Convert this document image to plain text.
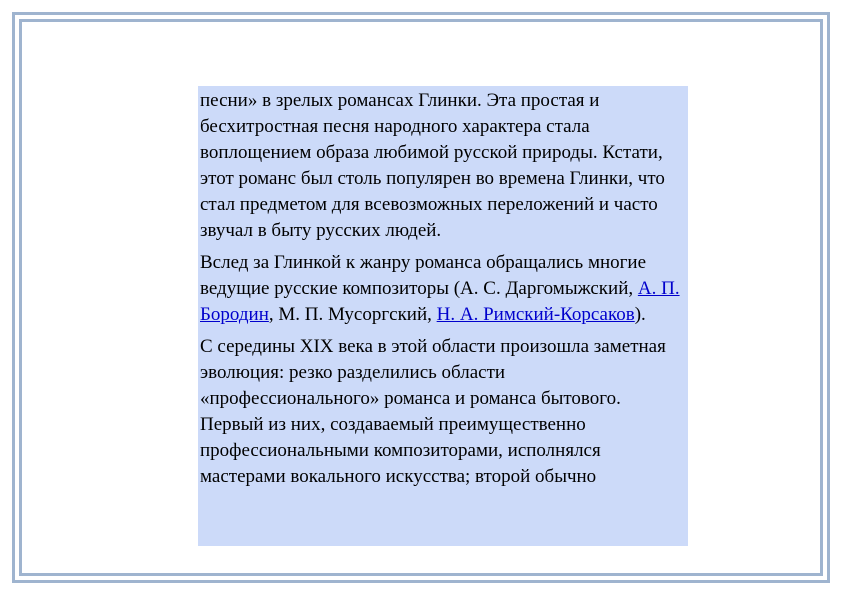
песни» в зрелых романсах Глинки. Эта простая и бесхитростная песня народного характера стала воплощением образа любимой русской природы. Кстати, этот романс был столь популярен во времена Глинки, что стал предметом для всевозможных переложений и часто звучал в быту русских людей.

Вслед за Глинкой к жанру романса обращались многие ведущие русские композиторы (А. С. Даргомыжский, А. П. Бородин, М. П. Мусоргский, Н. А. Римский-Корсаков).

С середины XIX века в этой области произошла заметная эволюция: резко разделились области «профессионального» романса и романса бытового. Первый из них, создаваемый преимущественно профессиональными композиторами, исполнялся мастерами вокального искусства; второй обычно
